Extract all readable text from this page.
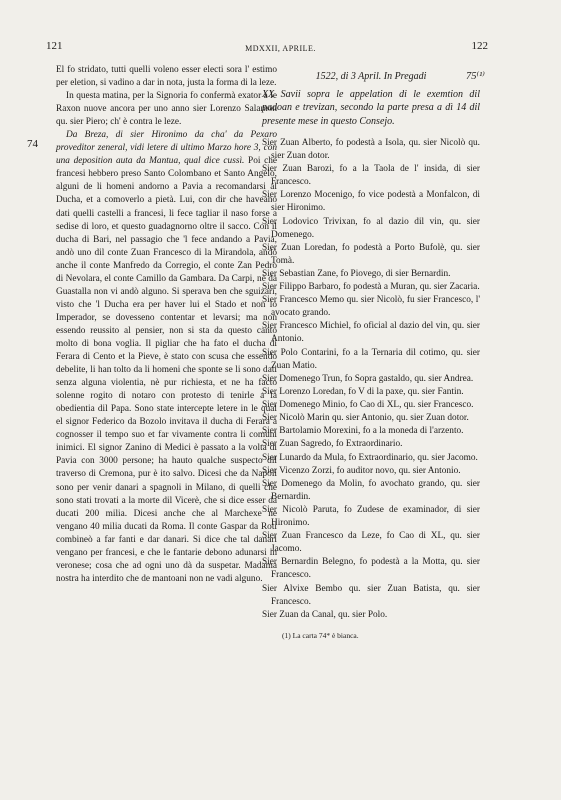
121	MDXXII, APRILE.	122
74
75⁽¹⁾

El fo stridato, tutti quelli voleno esser electi sora l' estimo per eletion, si vadino a dar in nota, justa la forma di la leze.

In questa matina, per la Signoria fo confermà exator a le Raxon nuove ancora per uno anno sier Lorenzo Salamon qu. sier Piero; ch' è contra le leze.

Da Breza, di sier Hironimo da cha' da Pexaro proveditor zeneral, vidi letere di ultimo Marzo hore 3, con una deposition auta da Mantua, qual dice cussì. Poi che francesi hebbero preso Santo Colombano et Santo Angelo, alguni de li homeni andorno a Pavia a recomandarsi al Ducha, et a comoverlo a pietà. Lui, con dir che haveano dati quelli castelli a francesi, li fece tagliar il naso forse a sedise di loro, et questo guadagnorno oltre il sacco. Con il ducha di Bari, nel passagio che 'l fece andando a Pavia, andò uno dil conte Zuan Francesco di la Mirandola, andò anche il conte Manfredo da Corregio, el conte Zan Pedro di Nevolara, el conte Camillo da Gambara. Da Carpi, nè da Guastalla non vi andò alguno. Si sperava ben che sguizari, visto che 'l Ducha era per haver lui el Stado et non lo Imperador, se dovesseno contentar et levarsi; ma non essendo reussito al pensier, non si sta da questo canto molto di bona voglia. Il pigliar che ha fato el ducha di Ferara di Cento et la Pieve, è stato con scusa che essendo debelite, li han tolto da li homeni che sponte se li sono dati senza alguna violentia, nè pur richiesta, et ne ha facto solenne rogito di notaro con protesto di tenirle a la obedientia dil Papa. Sono state intercepte letere in le qual el signor Federico da Bozolo invitava il ducha di Ferara a cognosser il tempo suo et far vivamente contra li comuni inimici. El signor Zanino di Medici è passato a la volta di Pavia con 3000 persone; ha hauto qualche suspecto dil traverso di Cremona, pur è ito salvo. Dicesi che da Napoli sono per venir danari a spagnoli in Milano, di quelli che sono stati trovati a la morte dil Vicerè, che si dice esser da ducati 200 milia. Dicesi anche che al Marchexe ne vengano 40 milia ducati da Roma. Il conte Gaspar da Roti combineò a far fanti e dar danari. Si dice che tal danari vengano per francesi, e che le fantarie debono adunarsi in veronese; cosa che ad ogni uno dà da suspetar. Madama nostra ha interdito che de mantoani non ne vadi alguno.

1522, di 3 April. In Pregadi
XX Savii sopra le appelation di le exemtion dil padoan e trevizan, secondo la parte presa a dì 14 dil presente mese in questo Consejo.

Sier Zuan Alberto, fo podestà a Isola, qu. sier Nicolò qu. sier Zuan dotor.

Sier Zuan Barozi, fo a la Taola de l' insida, di sier Francesco.

Sier Lorenzo Mocenigo, fo vice podestà a Monfalcon, di sier Hironimo.

Sier Lodovico Trivixan, fo al dazio dil vin, qu. sier Domenego.

Sier Zuan Loredan, fo podestà a Porto Bufolè, qu. sier Tomà.

Sier Sebastian Zane, fo Piovego, di sier Bernardin.

Sier Filippo Barbaro, fo podestà a Muran, qu. sier Zacaria.

Sier Francesco Memo qu. sier Nicolò, fu sier Francesco, l' avocato grando.

Sier Francesco Michiel, fo oficial al dazio del vin, qu. sier Antonio.

Sier Polo Contarini, fo a la Ternaria dil cotimo, qu. sier Zuan Matio.

Sier Domenego Trun, fo Sopra gastaldo, qu. sier Andrea.

Sier Lorenzo Loredan, fo V di la paxe, qu. sier Fantin.

Sier Domenego Minio, fo Cao di XL, qu. sier Francesco.

Sier Nicolò Marin qu. sier Antonio, qu. sier Zuan dotor.

Sier Bartolamio Morexini, fo a la moneda di l'arzento.

Sier Zuan Sagredo, fo Extraordinario.

Sier Lunardo da Mula, fo Extraordinario, qu. sier Jacomo.

Sier Vicenzo Zorzi, fo auditor novo, qu. sier Antonio.

Sier Domenego da Molin, fo avochato grando, qu. sier Bernardin.

Sier Nicolò Paruta, fo Zudese de examinador, di sier Hironimo.

Sier Zuan Francesco da Leze, fo Cao di XL, qu. sier Jacomo.

Sier Bernardin Belegno, fo podestà a la Motta, qu. sier Francesco.

Sier Alvixe Bembo qu. sier Zuan Batista, qu. sier Francesco.

Sier Zuan da Canal, qu. sier Polo.

(1) La carta 74* è bianca.
